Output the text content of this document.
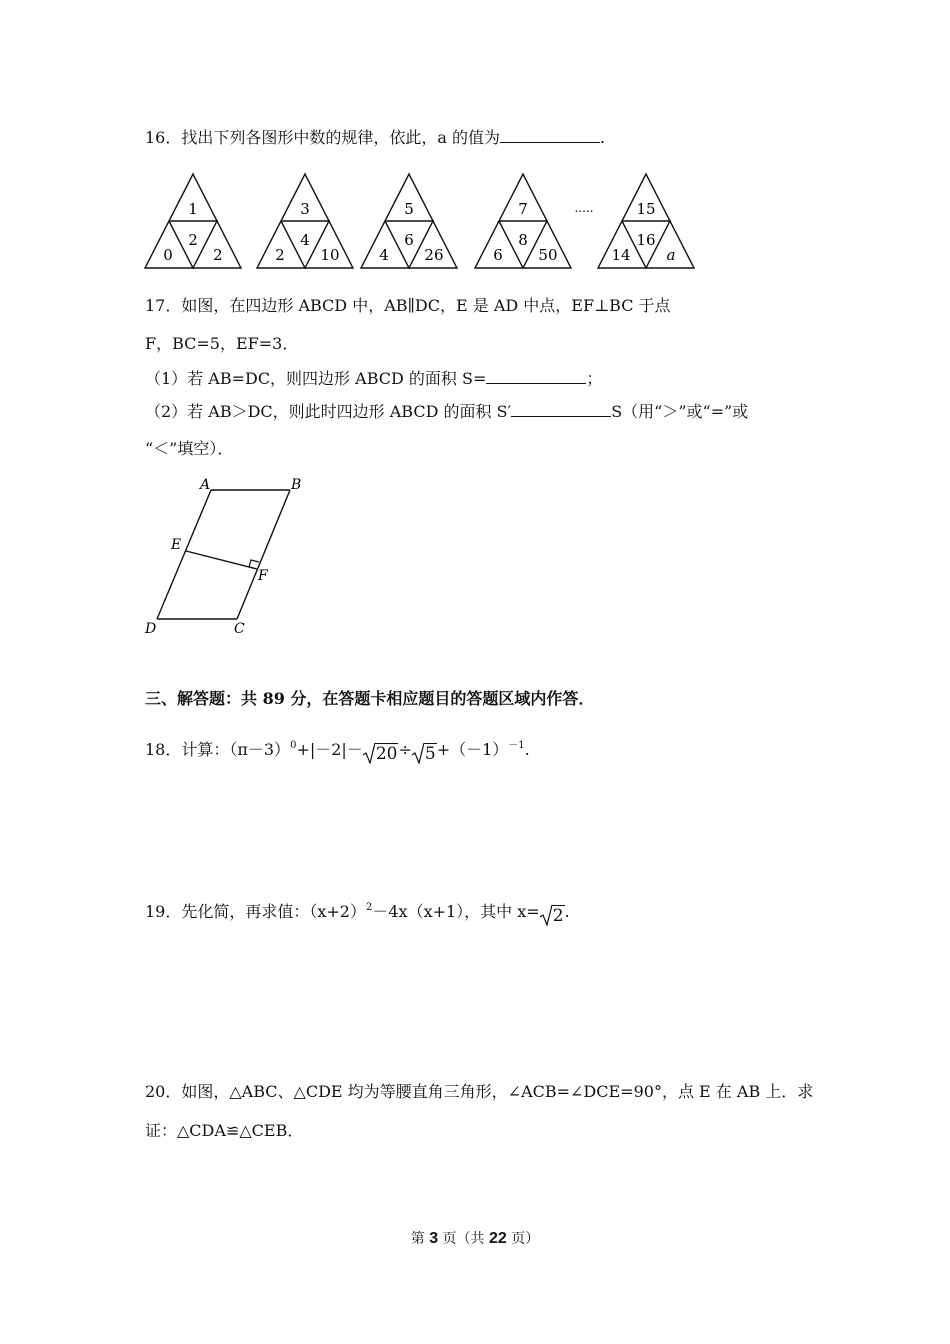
16．找出下列各图形中数的规律，依此，a 的值为	.
1
2
0	2
3
4
2 10
5
6
4 26
7
8
6 50
15
16
14 a
.....
17．如图，在四边形 ABCD 中，AB∥DC，E 是 AD 中点，EF⊥BC 于点
F，BC=5，EF=3．
（1）若 AB=DC，则四边形 ABCD 的面积 S=	；
（2）若 AB＞DC，则此时四边形 ABCD 的面积 S′	S（用“＞”或“=”或
“＜”填空）．
A	B
E
F
D	C
三、解答题：共 89 分，在答题卡相应题目的答题区域内作答．
18．计算：$(\pi-3)^0+|-2|- 20\div 5+(-1)^{-1}$.
19．先化简，再求值：$(x+2)^2-4x(x+1)$，其中 x= 2.
20．如图，△ABC、△CDE 均为等腰直角三角形，∠ACB=∠DCE=90°，点 E 在 AB 上．求
证：△CDA≌△CEB．
第 3 页（共 22 页）
